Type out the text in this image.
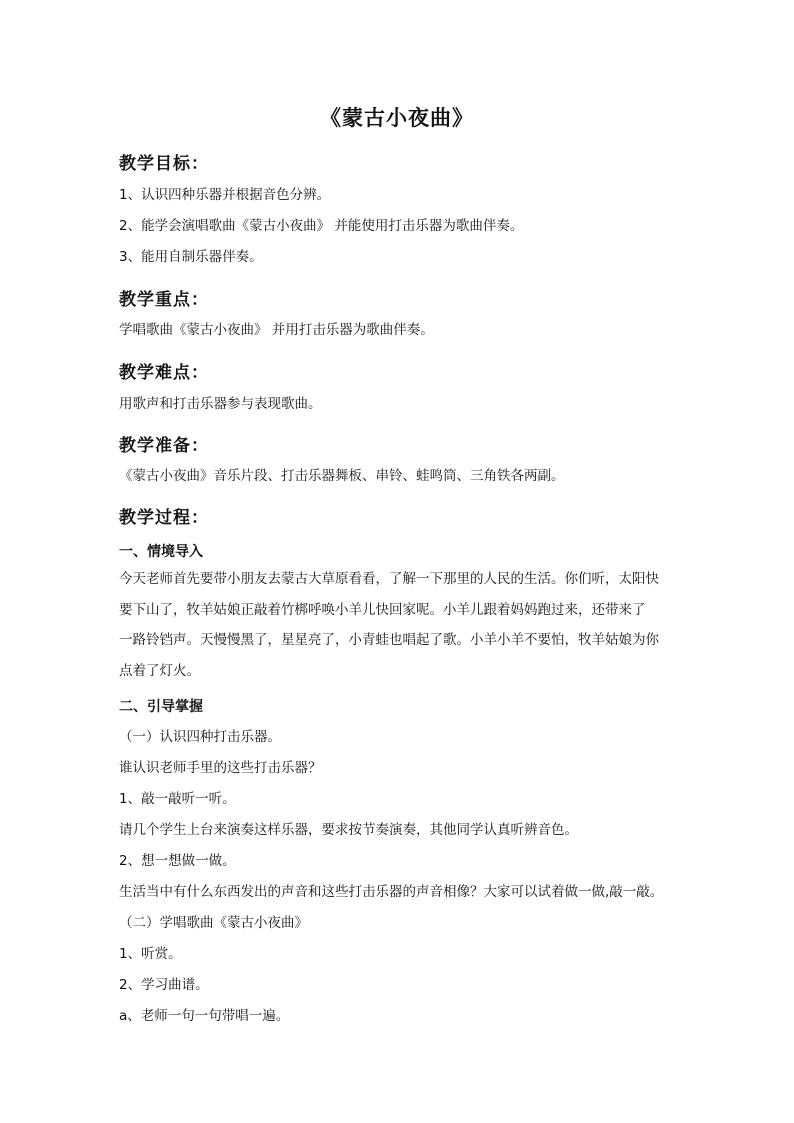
《蒙古小夜曲》
教学目标：
1、认识四种乐器并根据音色分辨。
2、能学会演唱歌曲《蒙古小夜曲》 并能使用打击乐器为歌曲伴奏。
3、能用自制乐器伴奏。
教学重点：
学唱歌曲《蒙古小夜曲》 并用打击乐器为歌曲伴奏。
教学难点：
用歌声和打击乐器参与表现歌曲。
教学准备：
《蒙古小夜曲》音乐片段、打击乐器舞板、串铃、蛙鸣筒、三角铁各两副。
教学过程：
一、情境导入
今天老师首先要带小朋友去蒙古大草原看看，了解一下那里的人民的生活。你们听，太阳快
要下山了，牧羊姑娘正敲着竹梆呼唤小羊儿快回家呢。小羊儿跟着妈妈跑过来，还带来了
一路铃铛声。天慢慢黑了，星星亮了，小青蛙也唱起了歌。小羊小羊不要怕，牧羊姑娘为你
点着了灯火。
二、引导掌握
（一）认识四种打击乐器。
谁认识老师手里的这些打击乐器？
1、敲一敲听一听。
请几个学生上台来演奏这样乐器，要求按节奏演奏，其他同学认真听辨音色。
2、想一想做一做。
生活当中有什么东西发出的声音和这些打击乐器的声音相像？大家可以试着做一做,敲一敲。
（二）学唱歌曲《蒙古小夜曲》
1、听赏。
2、学习曲谱。
a、老师一句一句带唱一遍。
